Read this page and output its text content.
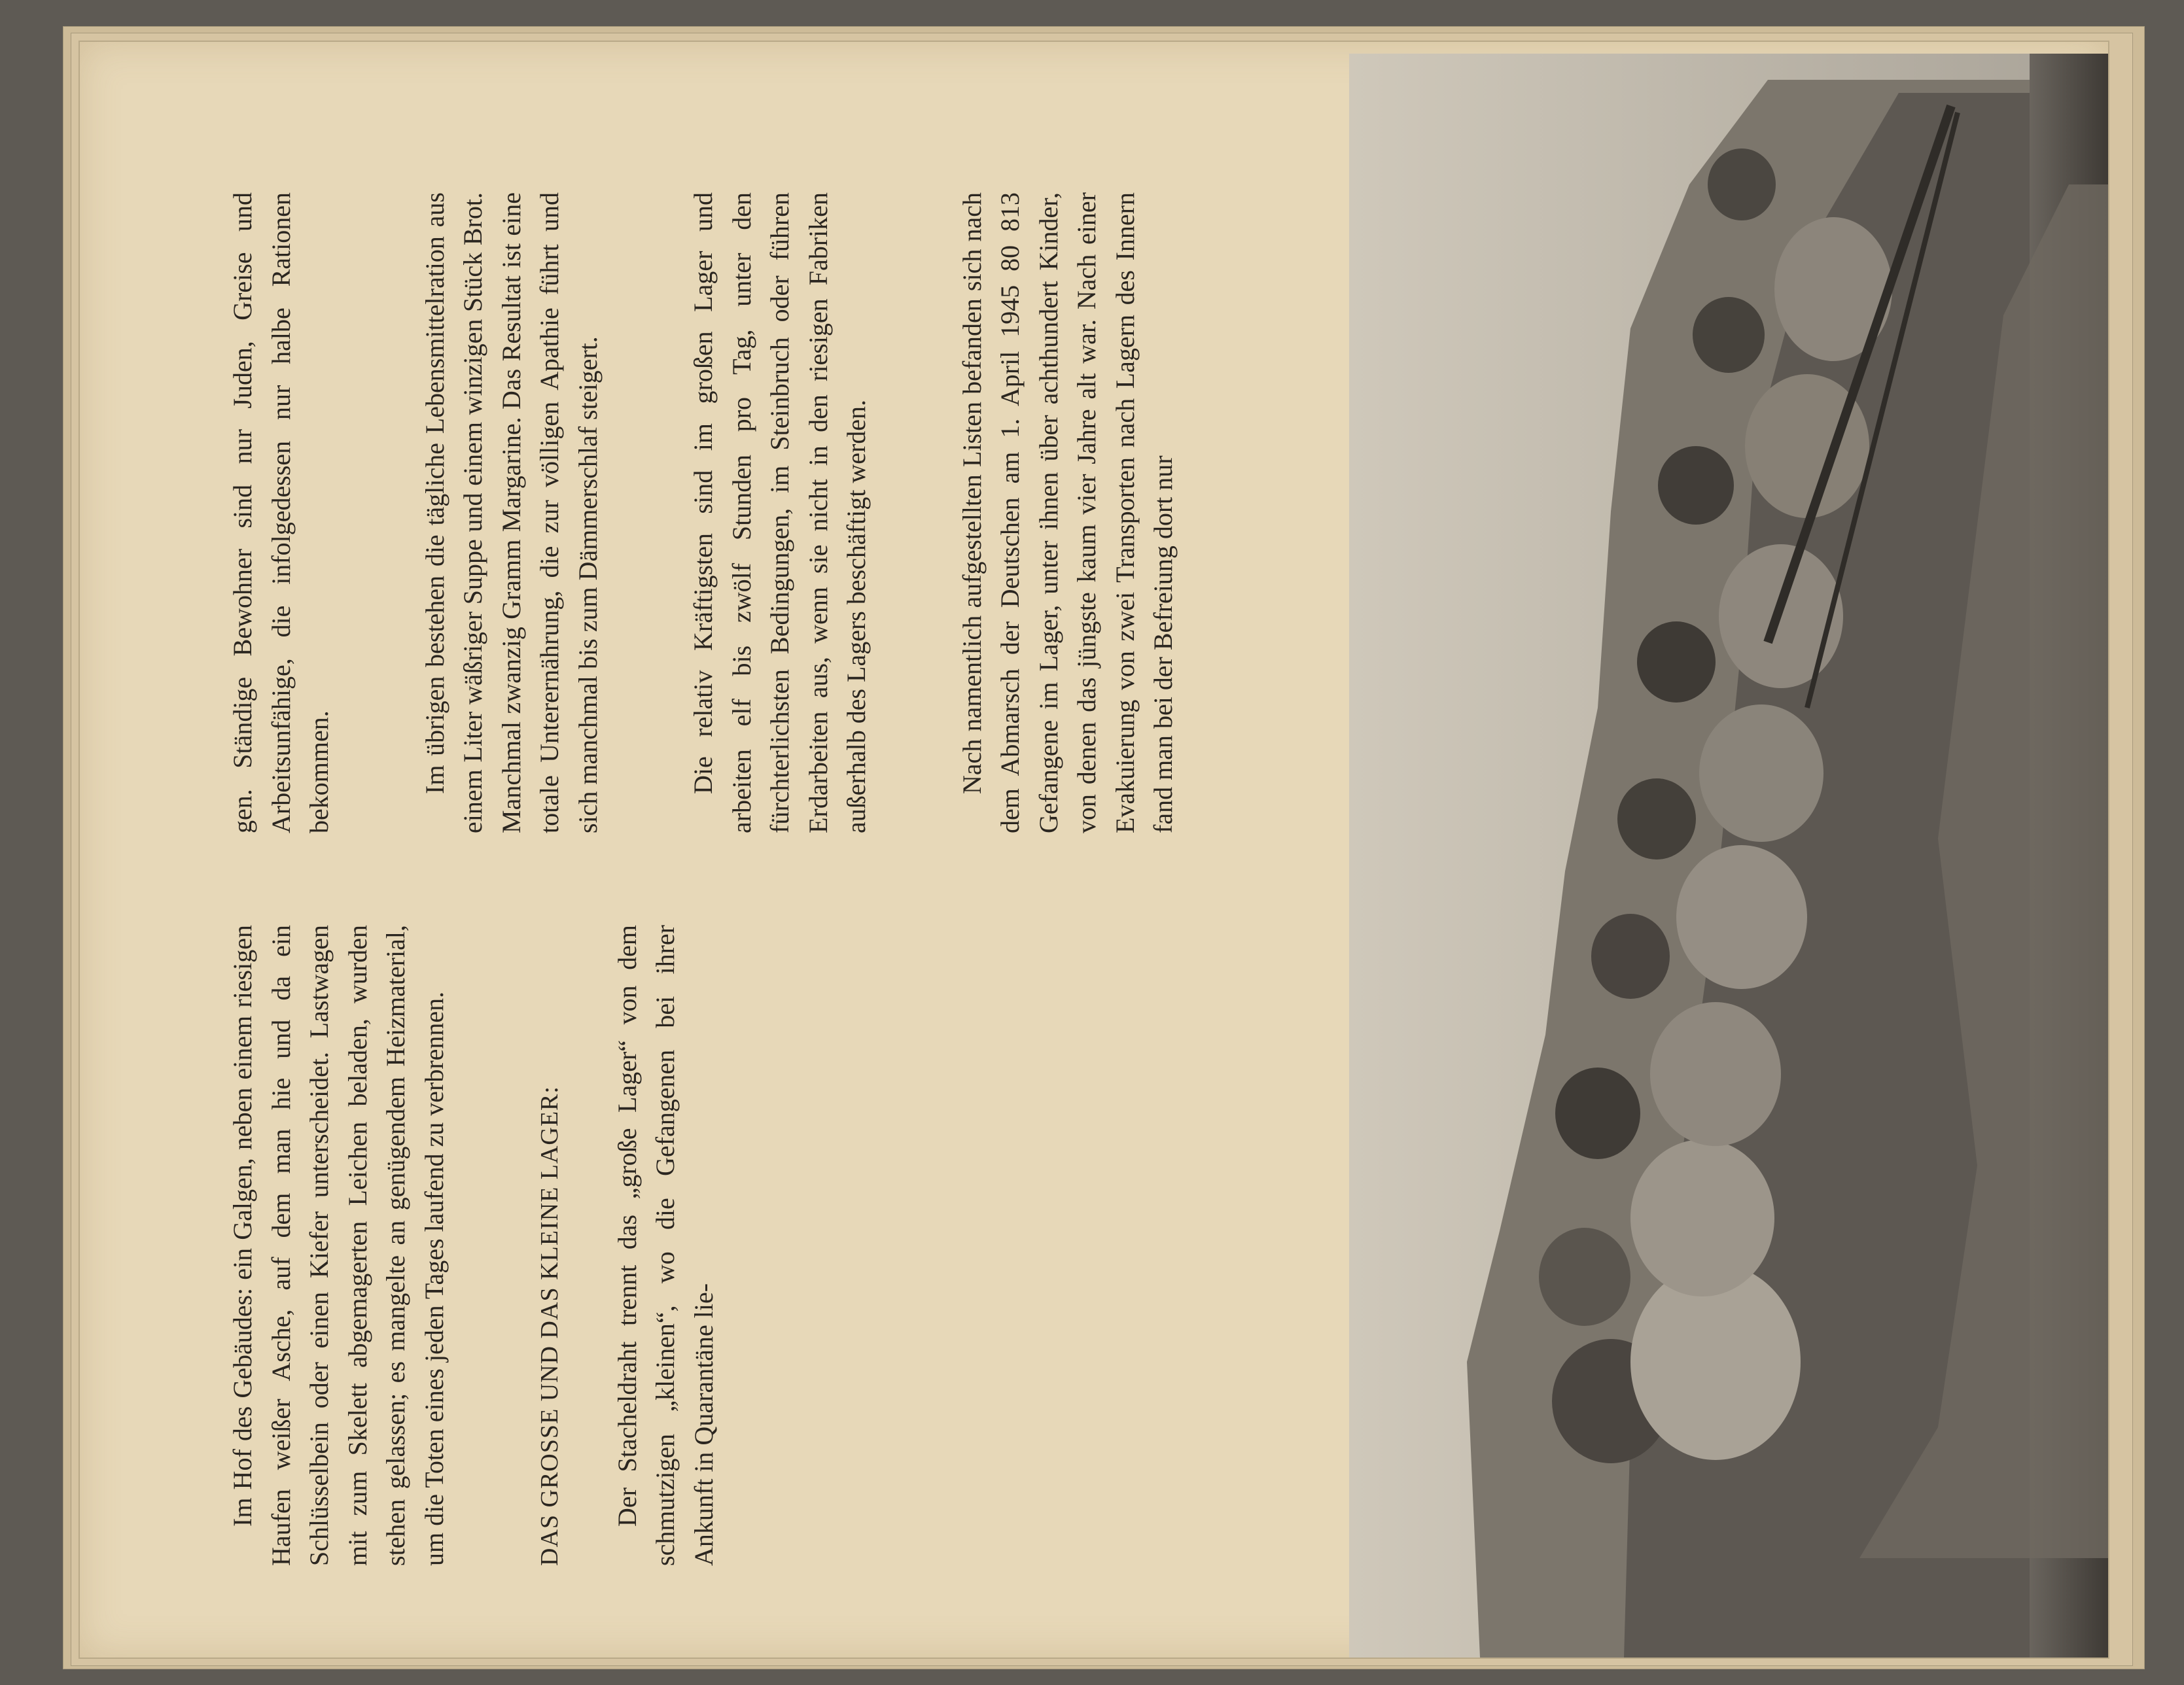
Im Hof des Gebäudes: ein Galgen, neben einem riesigen Haufen weißer Asche, auf dem man hie und da ein Schlüsselbein oder einen Kiefer unterscheidet. Lastwagen mit zum Skelett abgemagerten Leichen beladen, wurden stehen gelassen; es mangelte an genügendem Heizmaterial, um die Toten eines jeden Tages laufend zu verbrennen.	DAS GROSSE UND DAS KLEINE LAGER: Der Stacheldraht trennt das „große Lager“ von dem schmutzigen „kleinen“, wo die Gefangenen bei ihrer Ankunft in Quarantäne lie-

gen. Ständige Bewohner sind nur Juden, Greise und Arbeitsunfähige, die infolgedessen nur halbe Rationen bekommen.	Im übrigen bestehen die tägliche Lebensmittelration aus einem Liter wäßriger Suppe und einem winzigen Stück Brot. Manchmal zwanzig Gramm Margarine. Das Resultat ist eine totale Unterernährung, die zur völligen Apathie führt und sich manchmal bis zum Dämmerschlaf steigert.	Die relativ Kräftigsten sind im großen Lager und arbeiten elf bis zwölf Stunden pro Tag, unter den fürchterlichsten Bedingungen, im Steinbruch oder führen Erdarbeiten aus, wenn sie nicht in den riesigen Fabriken außerhalb des Lagers beschäftigt werden.	Nach namentlich aufgestellten Listen befanden sich nach dem Abmarsch der Deutschen am 1. April 1945 80 813 Gefangene im Lager, unter ihnen über achthundert Kinder, von denen das jüngste kaum vier Jahre alt war. Nach einer Evakuierung von zwei Transporten nach Lagern des Innern fand man bei der Befreiung dort nur
